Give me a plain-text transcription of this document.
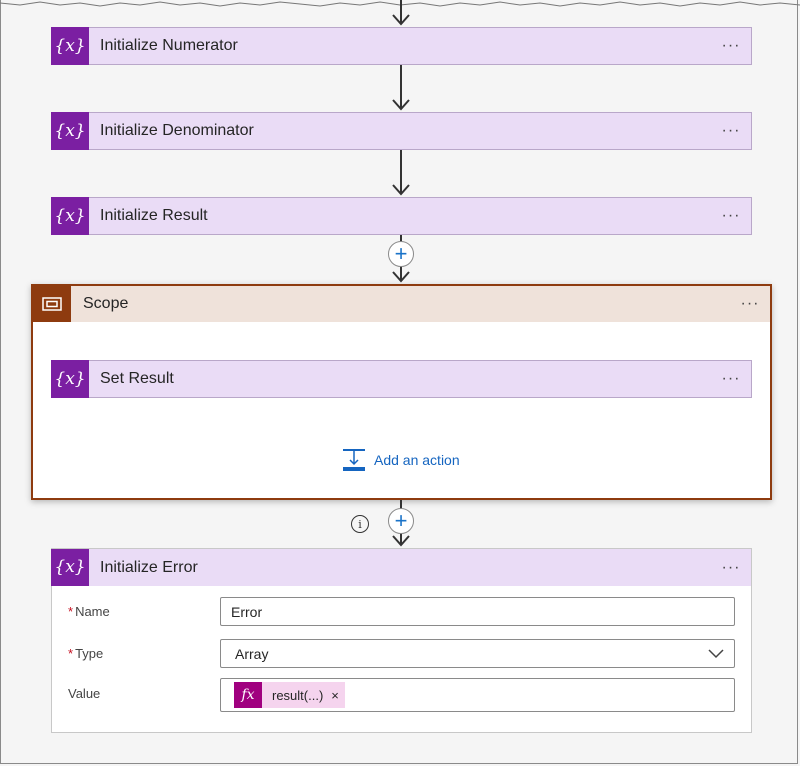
{x} Initialize Numerator	···
{x} Initialize Denominator	···
{x} Initialize Result	···
+
Scope	···
{x} Set Result	···
Add an action
i	+
{x} Initialize Error	···
* Name	Error
* Type	Array
Value	fx	result(...) ×
